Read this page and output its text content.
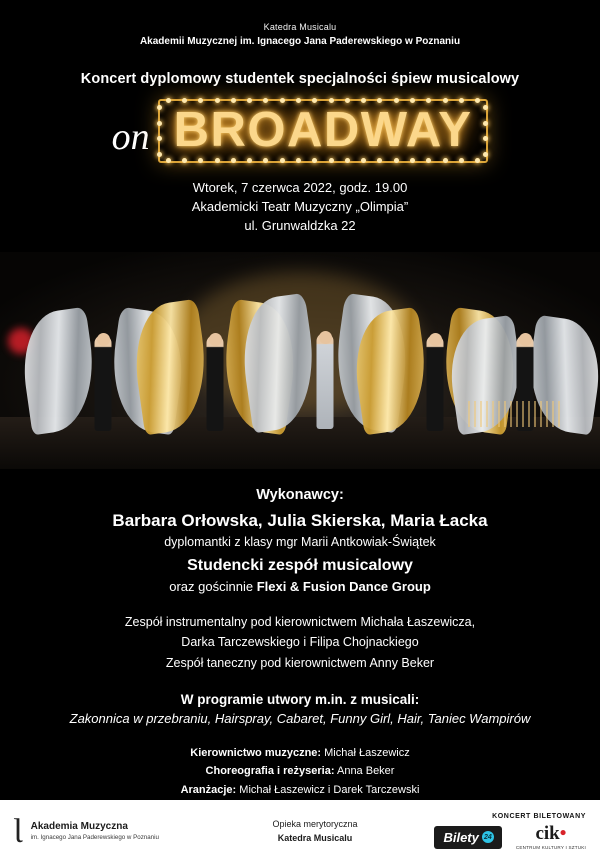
Katedra Musicalu
Akademii Muzycznej im. Ignacego Jana Paderewskiego w Poznaniu
Koncert dyplomowy studentek specjalności śpiew musicalowy
on BROADWAY
Wtorek, 7 czerwca 2022, godz. 19.00
Akademicki Teatr Muzyczny „Olimpia”
ul. Grunwaldzka 22
Wykonawcy:
Barbara Orłowska, Julia Skierska, Maria Łacka
dyplomantki z klasy mgr Marii Antkowiak-Świątek
Studencki zespół musicalowy
oraz gościnnie Flexi & Fusion Dance Group
Zespół instrumentalny pod kierownictwem Michała Łaszewicza,
Darka Tarczewskiego i Filipa Chojnackiego
Zespół taneczny pod kierownictwem Anny Beker
W programie utwory m.in. z musicali:
Zakonnica w przebraniu, Hairspray, Cabaret, Funny Girl, Hair, Taniec Wampirów
Kierownictwo muzyczne: Michał Łaszewicz
Choreografia i reżyseria: Anna Beker
Aranżacje: Michał Łaszewicz i Darek Tarczewski
Ɩ Akademia Muzyczna
im. Ignacego Jana Paderewskiego w Poznaniu
Opieka merytoryczna
Katedra Musicalu
KONCERT BILETOWANY
Bilety 24	cik•
CENTRUM KULTURY I SZTUKI
